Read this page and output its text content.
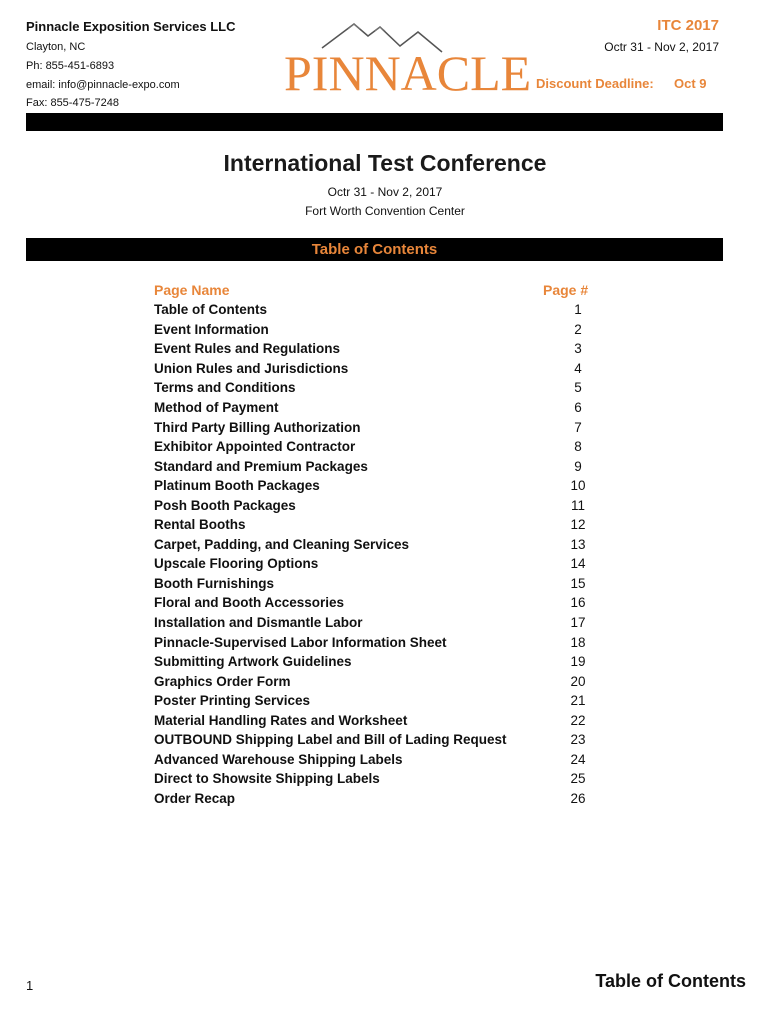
Pinnacle Exposition Services LLC
Clayton, NC
Ph: 855-451-6893
email: info@pinnacle-expo.com
Fax: 855-475-7248
PINNACLE
ITC 2017
Octr 31 - Nov 2, 2017
Discount Deadline: Oct 9
International Test Conference
Octr 31 - Nov 2, 2017
Fort Worth Convention Center
Table of Contents
Page Name	Page #
Table of Contents	1
Event Information	2
Event Rules and Regulations	3
Union Rules and Jurisdictions	4
Terms and Conditions	5
Method of Payment	6
Third Party Billing Authorization	7
Exhibitor Appointed Contractor	8
Standard and Premium Packages	9
Platinum Booth Packages	10
Posh Booth Packages	11
Rental Booths	12
Carpet, Padding, and Cleaning Services	13
Upscale Flooring Options	14
Booth Furnishings	15
Floral and Booth Accessories	16
Installation and Dismantle Labor	17
Pinnacle-Supervised Labor Information Sheet	18
Submitting Artwork Guidelines	19
Graphics Order Form	20
Poster Printing Services	21
Material Handling Rates and Worksheet	22
OUTBOUND Shipping Label and Bill of Lading Request	23
Advanced Warehouse Shipping Labels	24
Direct to Showsite Shipping Labels	25
Order Recap	26
1	Table of Contents
